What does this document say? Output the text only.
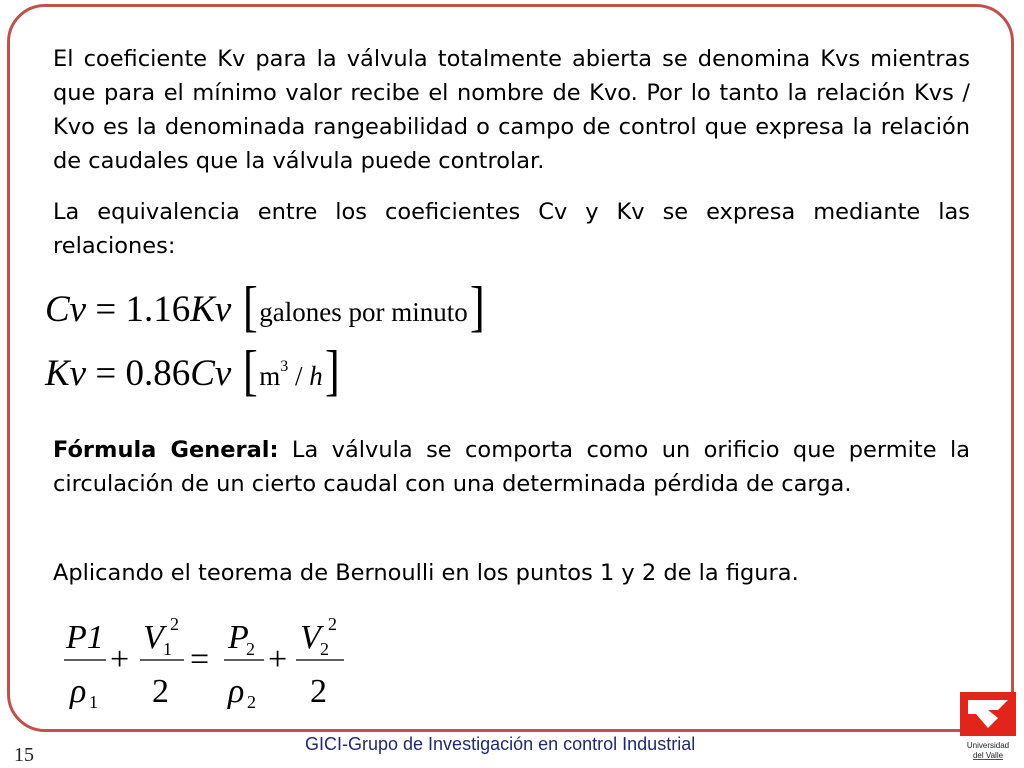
El coeficiente Kv para la válvula totalmente abierta se denomina Kvs mientras que para el mínimo valor recibe el nombre de Kvo. Por lo tanto la relación Kvs / Kvo es la denominada rangeabilidad o campo de control que expresa la relación de caudales que la válvula puede controlar.
La equivalencia entre los coeficientes Cv y Kv se expresa mediante las relaciones:
Cv = 1.16Kv [galones por minuto]
Kv = 0.86Cv $[m^3 / h]$
Fórmula General: La válvula se comporta como un orificio que permite la circulación de un cierto caudal con una determinada pérdida de carga.
Aplicando el teorema de Bernoulli en los puntos 1 y 2 de la figura.
P1
ρ 1
+
V 1
2
2
=
P
2
ρ 2
+
V 2
2
2
GICI-Grupo de Investigación en control Industrial
15	Universidad
del Valle
